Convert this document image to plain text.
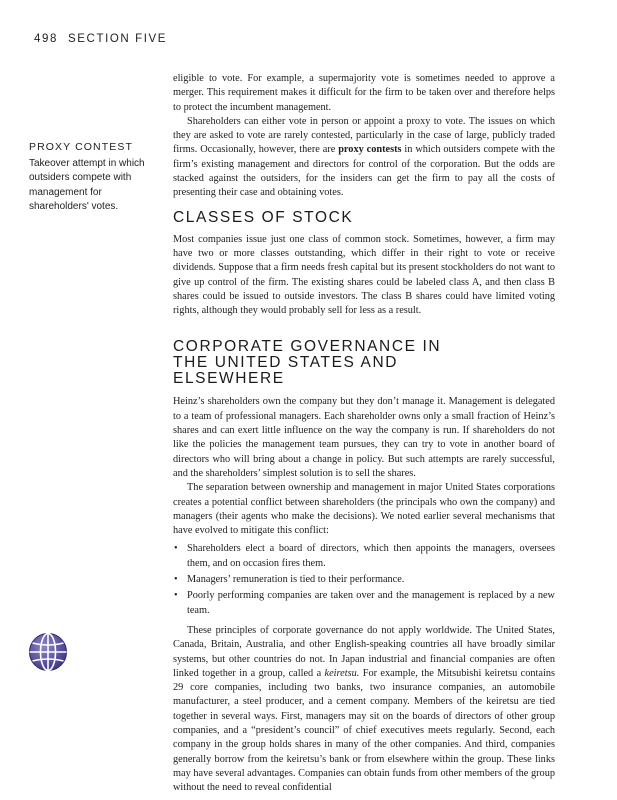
498 SECTION FIVE
PROXY CONTEST
Takeover attempt in which outsiders compete with management for shareholders' votes.

eligible to vote. For example, a supermajority vote is sometimes needed to approve a merger. This requirement makes it difficult for the firm to be taken over and therefore helps to protect the incumbent management.

Shareholders can either vote in person or appoint a proxy to vote. The issues on which they are asked to vote are rarely contested, particularly in the case of large, publicly traded firms. Occasionally, however, there are proxy contests in which outsiders compete with the firm’s existing management and directors for control of the corporation. But the odds are stacked against the outsiders, for the insiders can get the firm to pay all the costs of presenting their case and obtaining votes.

CLASSES OF STOCK

Most companies issue just one class of common stock. Sometimes, however, a firm may have two or more classes outstanding, which differ in their right to vote or receive dividends. Suppose that a firm needs fresh capital but its present stockholders do not want to give up control of the firm. The existing shares could be labeled class A, and then class B shares could be issued to outside investors. The class B shares could have limited voting rights, although they would probably sell for less as a result.

CORPORATE GOVERNANCE IN THE UNITED STATES AND ELSEWHERE

Heinz’s shareholders own the company but they don’t manage it. Management is delegated to a team of professional managers. Each shareholder owns only a small fraction of Heinz’s shares and can exert little influence on the way the company is run. If shareholders do not like the policies the management team pursues, they can try to vote in another board of directors who will bring about a change in policy. But such attempts are rarely successful, and the shareholders’ simplest solution is to sell the shares.

The separation between ownership and management in major United States corporations creates a potential conflict between shareholders (the principals who own the company) and managers (their agents who make the decisions). We noted earlier several mechanisms that have evolved to mitigate this conflict:

• Shareholders elect a board of directors, which then appoints the managers, oversees them, and on occasion fires them.
• Managers’ remuneration is tied to their performance.
• Poorly performing companies are taken over and the management is replaced by a new team.

These principles of corporate governance do not apply worldwide. The United States, Canada, Britain, Australia, and other English-speaking countries all have broadly similar systems, but other countries do not. In Japan industrial and financial companies are often linked together in a group, called a keiretsu. For example, the Mitsubishi keiretsu contains 29 core companies, including two banks, two insurance companies, an automobile manufacturer, a steel producer, and a cement company. Members of the keiretsu are tied together in several ways. First, managers may sit on the boards of directors of other group companies, and a “president’s council” of chief executives meets regularly. Second, each company in the group holds shares in many of the other companies. And third, companies generally borrow from the keiretsu’s bank or from elsewhere within the group. These links may have several advantages. Companies can obtain funds from other members of the group without the need to reveal confidential
